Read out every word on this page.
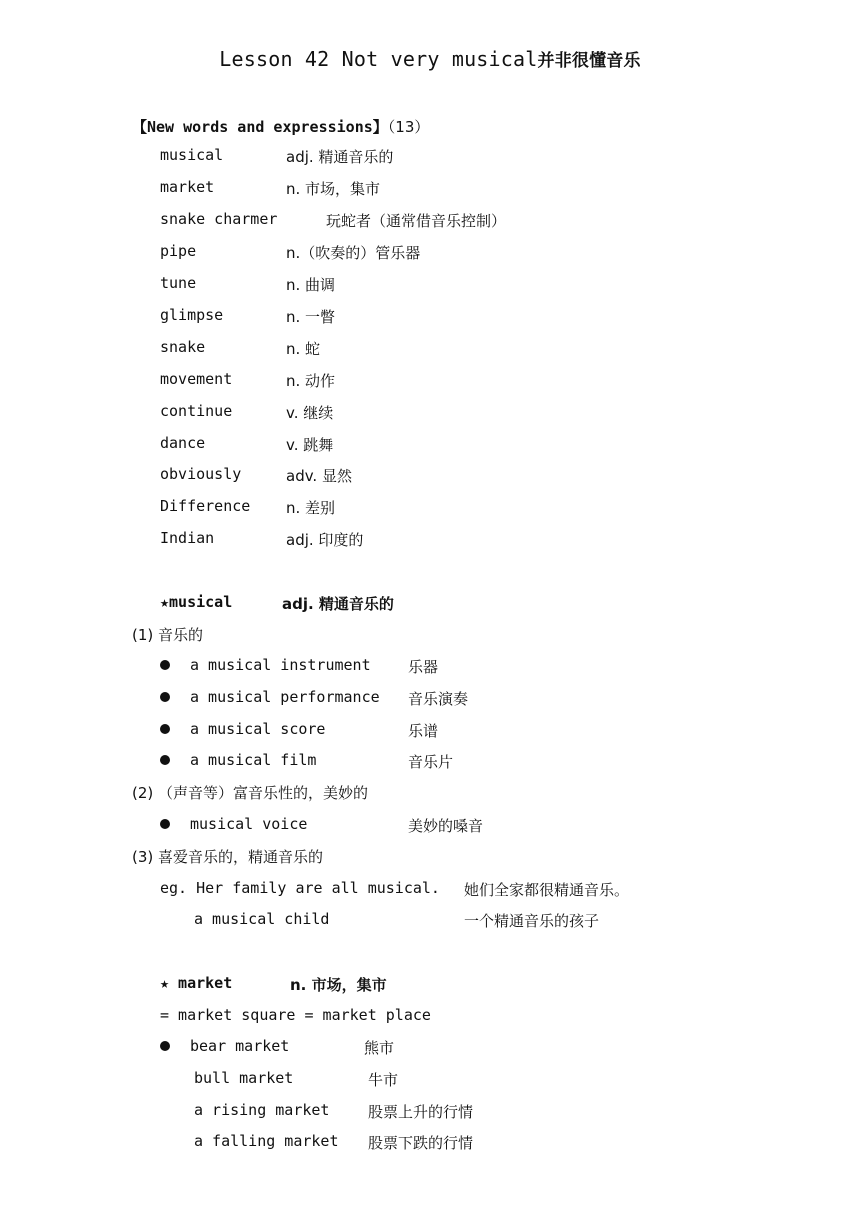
Lesson 42 Not very musical并非很懂音乐
【New words and expressions】（13）
musical	adj. 精通音乐的
market	n. 市场，集市
snake charmer	玩蛇者（通常借音乐控制）
pipe	n.（吹奏的）管乐器
tune	n. 曲调
glimpse	n. 一瞥
snake	n. 蛇
movement	n. 动作
continue	v. 继续
dance	v. 跳舞
obviously	adv. 显然
Difference n. 差别
Indian	adj. 印度的
★musical	adj. 精通音乐的
(1) 音乐的
a musical instrument 乐器
a musical performance 音乐演奏
a musical score	乐谱
a musical film	音乐片
(2) （声音等）富音乐性的，美妙的
musical voice	美妙的嗓音
(3) 喜爱音乐的，精通音乐的
eg. Her family are all musical. 她们全家都很精通音乐。
a musical child	一个精通音乐的孩子
★ market	n. 市场，集市
= market square = market place
bear market	熊市
bull market	牛市
a rising market	股票上升的行情
a falling market 股票下跌的行情
